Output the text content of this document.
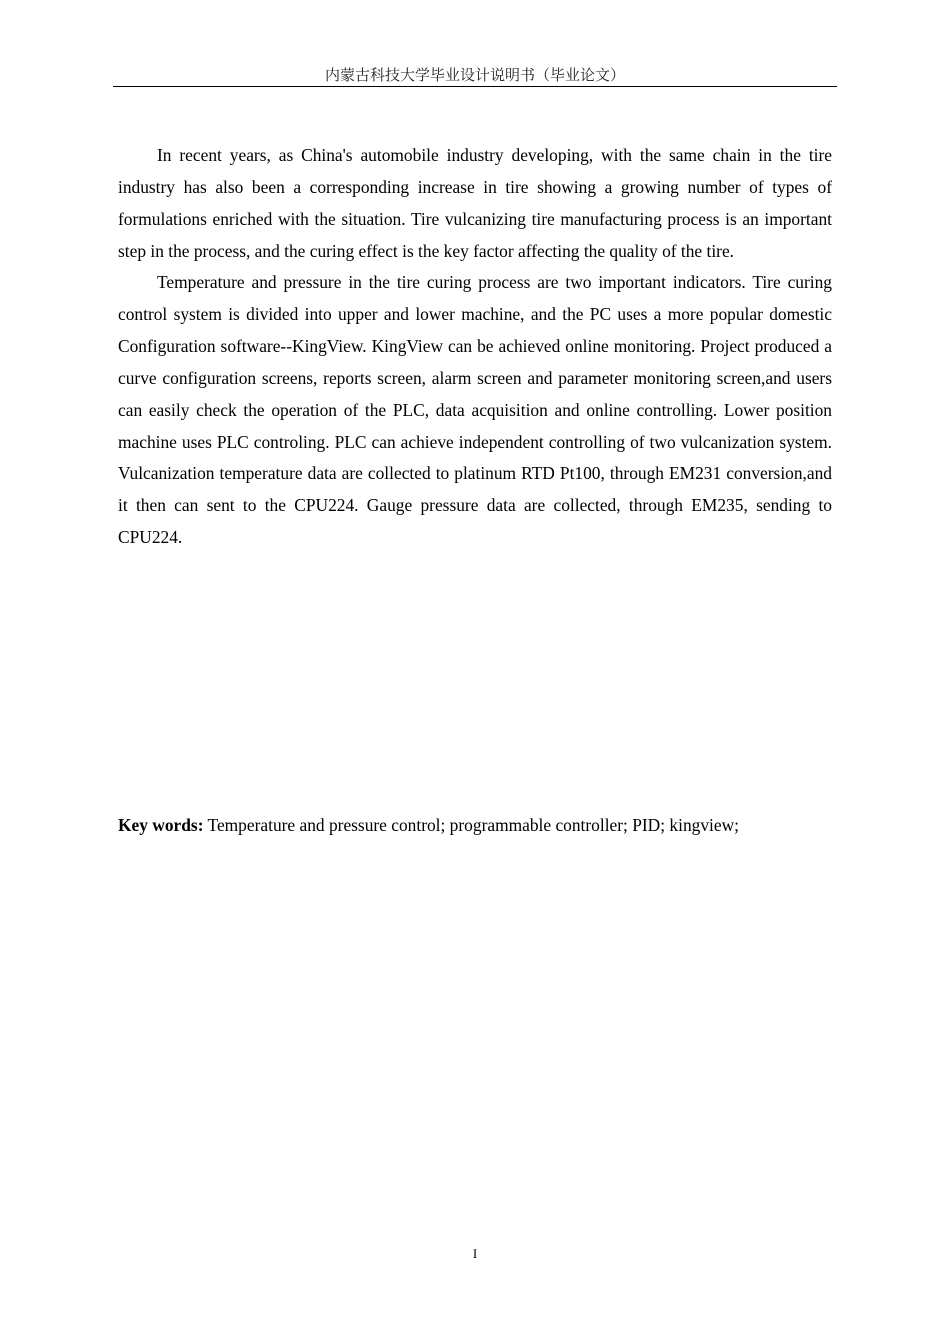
内蒙古科技大学毕业设计说明书（毕业论文）

In recent years, as China's automobile industry developing, with the same chain in the tire industry has also been a corresponding increase in tire showing a growing number of types of formulations enriched with the situation. Tire vulcanizing tire manufacturing process is an important step in the process, and the curing effect is the key factor affecting the quality of the tire.

Temperature and pressure in the tire curing process are two important indicators. Tire curing control system is divided into upper and lower machine, and the PC uses a more popular domestic Configuration software--KingView. KingView can be achieved online monitoring. Project produced a curve configuration screens, reports screen, alarm screen and parameter monitoring screen,and users can easily check the operation of the PLC, data acquisition and online controlling. Lower position machine uses PLC controling. PLC can achieve independent controlling of two vulcanization system. Vulcanization temperature data are collected to platinum RTD Pt100, through EM231 conversion,and it then can sent to the CPU224. Gauge pressure data are collected, through EM235, sending to CPU224.

Key words: Temperature and pressure control; programmable controller; PID; kingview;
I
